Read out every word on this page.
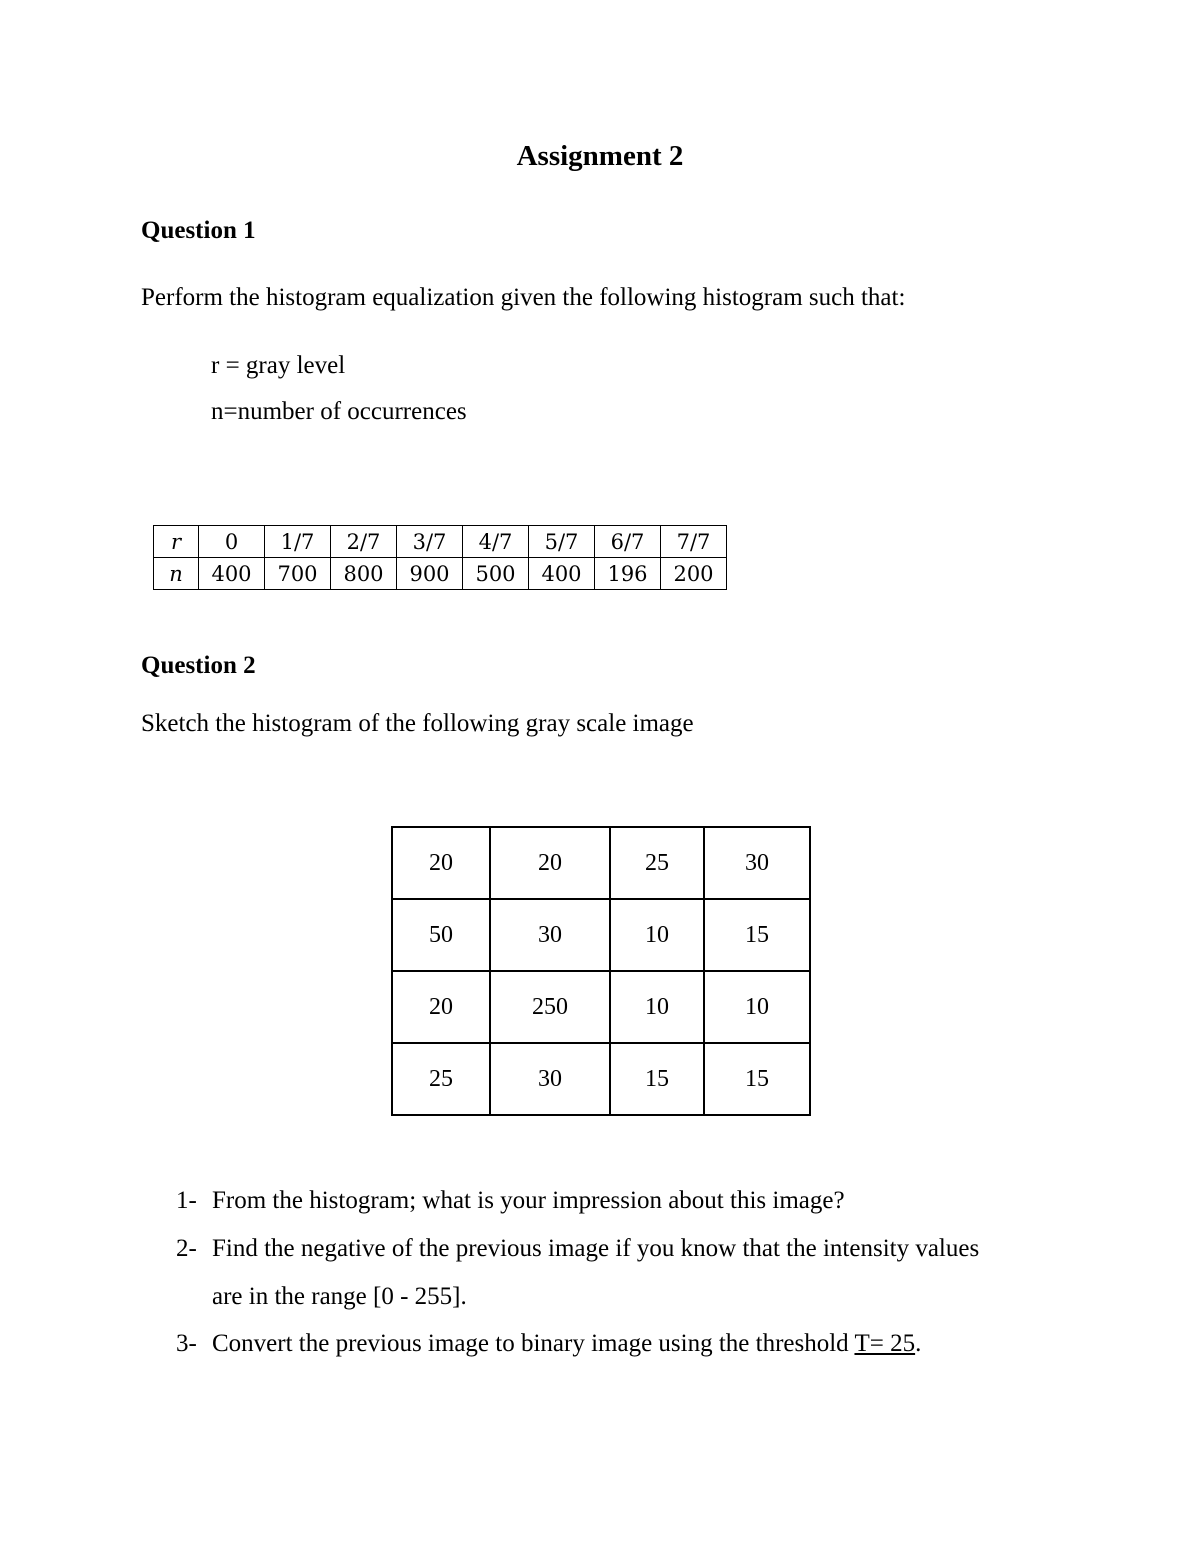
Assignment 2
Question 1

Perform the histogram equalization given the following histogram such that:

r = gray level

n=number of occurrences

r	0	1/7	2/7	3/7	4/7	5/7	6/7	7/7
n	400	700	800	900	500	400	196	200
Question 2

Sketch the histogram of the following gray scale image

20	20	25	30
50	30	10	15
20	250	10	10
25	30	15	15

1- From the histogram; what is your impression about this image?

2- Find the negative of the previous image if you know that the intensity values

are in the range [0 - 255].

3- Convert the previous image to binary image using the threshold T= 25.
